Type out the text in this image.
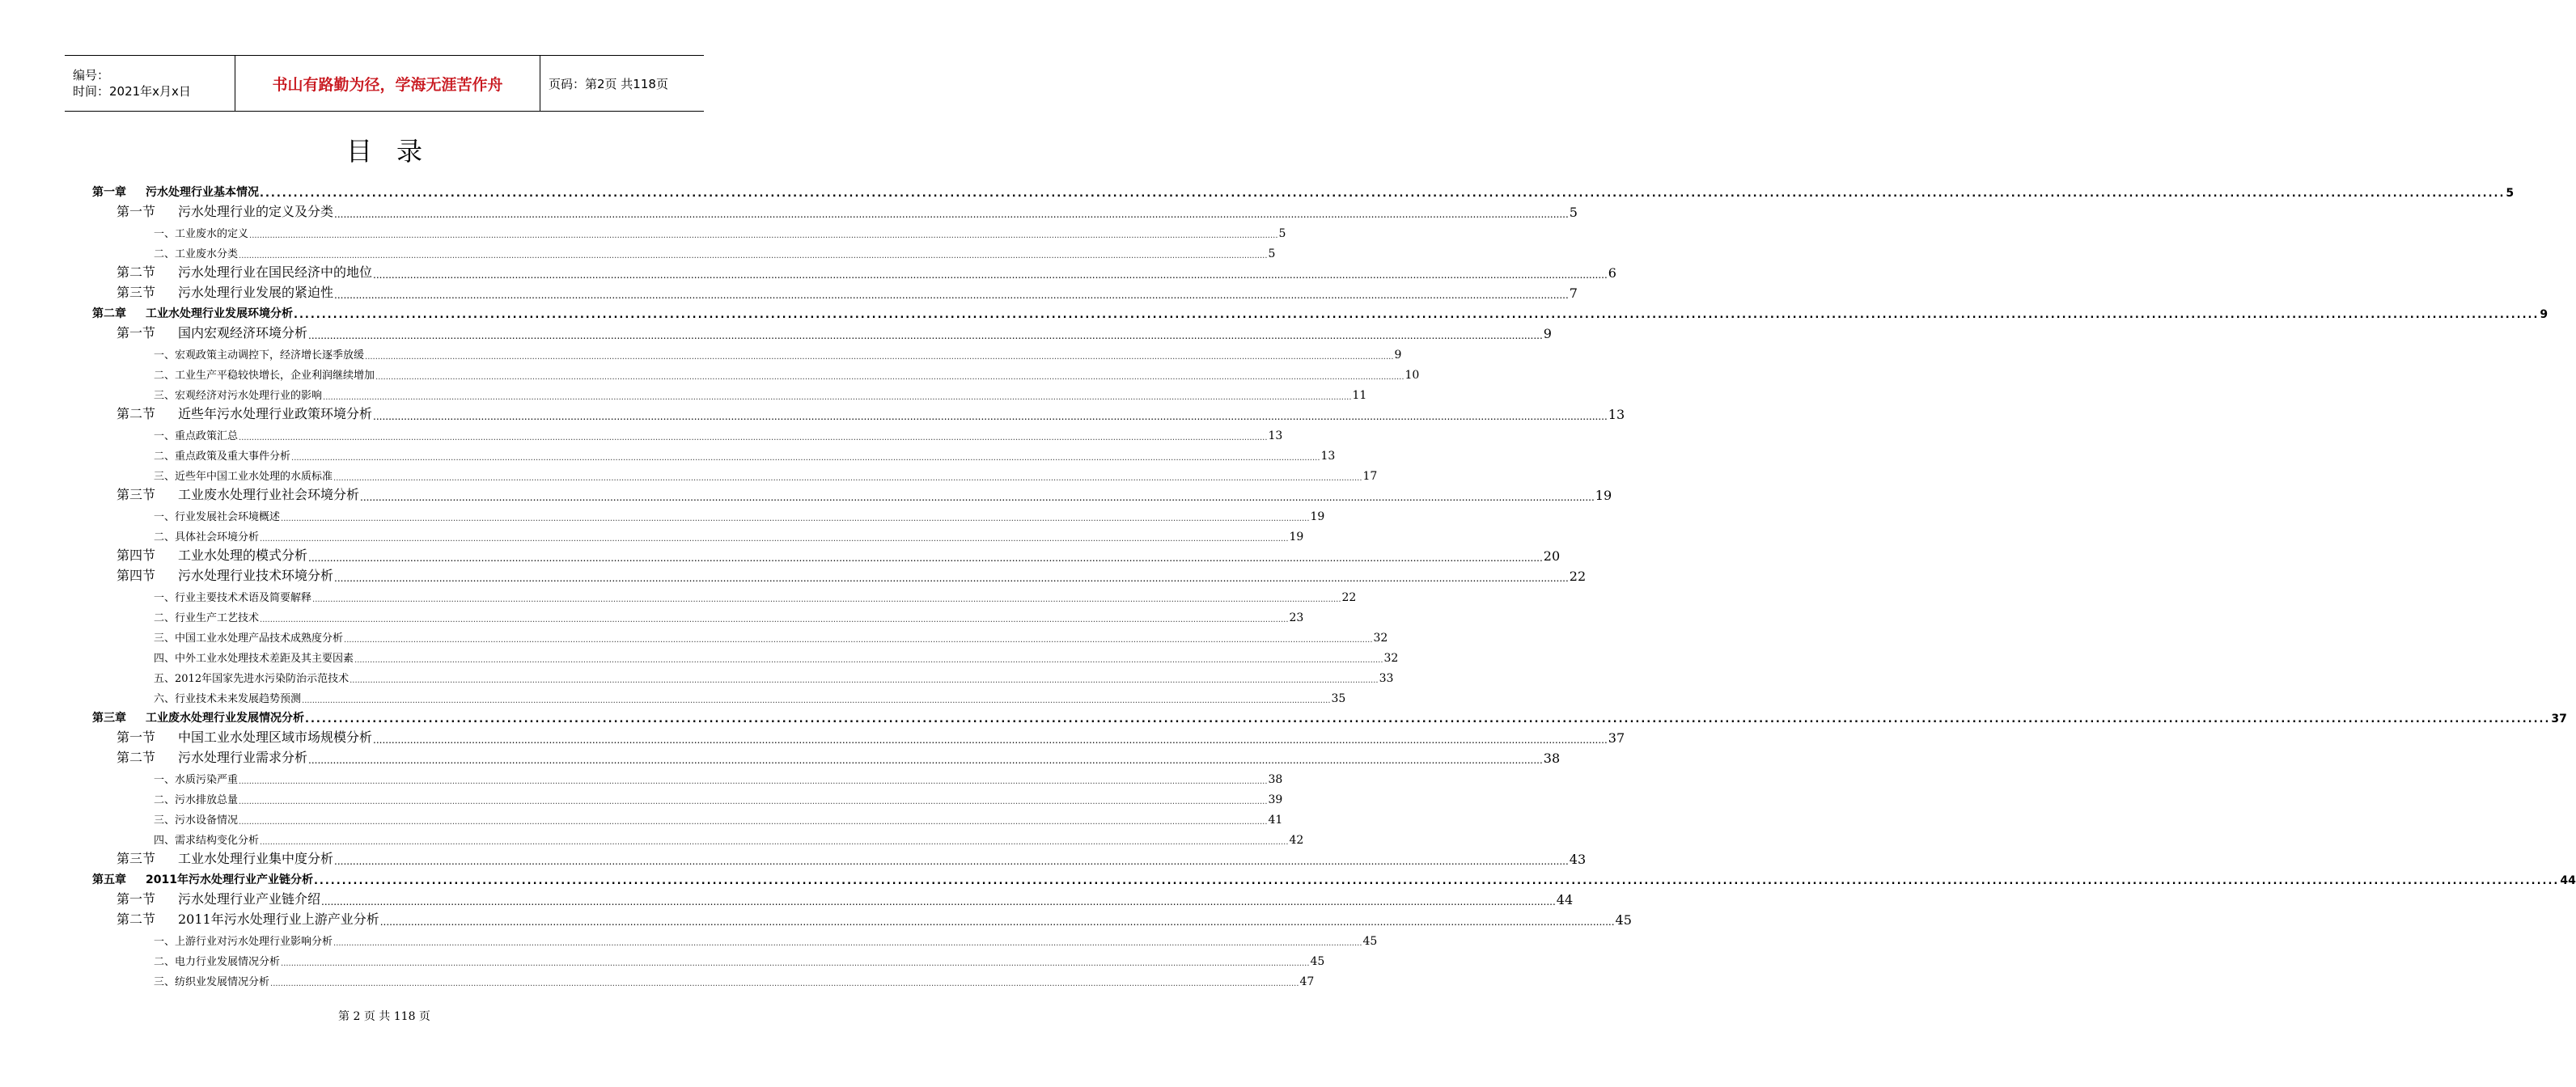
编号：
时间：2021年x月x日	书山有路勤为径，学海无涯苦作舟	页码：第2页 共118页
目录
第一章 污水处理行业基本情况 ................................................................................................................................................................................................................................................................................................................................................................................................................ 5
第一节 污水处理行业的定义及分类 ................................................................................................................................................................................................................................................................................................................................................................................................................ 5
一、工业废水的定义 ................................................................................................................................................................................................................................................................................................................................................................................................................ 5
二、工业废水分类 ................................................................................................................................................................................................................................................................................................................................................................................................................ 5
第二节 污水处理行业在国民经济中的地位 ................................................................................................................................................................................................................................................................................................................................................................................................................ 6
第三节 污水处理行业发展的紧迫性 ................................................................................................................................................................................................................................................................................................................................................................................................................ 7
第二章 工业水处理行业发展环境分析 ................................................................................................................................................................................................................................................................................................................................................................................................................ 9
第一节 国内宏观经济环境分析 ................................................................................................................................................................................................................................................................................................................................................................................................................ 9
一、宏观政策主动调控下，经济增长逐季放缓 ................................................................................................................................................................................................................................................................................................................................................................................................................ 9
二、工业生产平稳较快增长，企业利润继续增加 ................................................................................................................................................................................................................................................................................................................................................................................................................ 10
三、宏观经济对污水处理行业的影响 ................................................................................................................................................................................................................................................................................................................................................................................................................ 11
第二节 近些年污水处理行业政策环境分析 ................................................................................................................................................................................................................................................................................................................................................................................................................ 13
一、重点政策汇总 ................................................................................................................................................................................................................................................................................................................................................................................................................ 13
二、重点政策及重大事件分析 ................................................................................................................................................................................................................................................................................................................................................................................................................ 13
三、近些年中国工业水处理的水质标准 ................................................................................................................................................................................................................................................................................................................................................................................................................ 17
第三节 工业废水处理行业社会环境分析 ................................................................................................................................................................................................................................................................................................................................................................................................................ 19
一、行业发展社会环境概述 ................................................................................................................................................................................................................................................................................................................................................................................................................ 19
二、具体社会环境分析 ................................................................................................................................................................................................................................................................................................................................................................................................................ 19
第四节 工业水处理的模式分析 ................................................................................................................................................................................................................................................................................................................................................................................................................ 20
第四节 污水处理行业技术环境分析 ................................................................................................................................................................................................................................................................................................................................................................................................................ 22
一、行业主要技术术语及简要解释 ................................................................................................................................................................................................................................................................................................................................................................................................................ 22
二、行业生产工艺技术 ................................................................................................................................................................................................................................................................................................................................................................................................................ 23
三、中国工业水处理产品技术成熟度分析 ................................................................................................................................................................................................................................................................................................................................................................................................................ 32
四、中外工业水处理技术差距及其主要因素 ................................................................................................................................................................................................................................................................................................................................................................................................................ 32
五、2012年国家先进水污染防治示范技术 ................................................................................................................................................................................................................................................................................................................................................................................................................ 33
六、行业技术未来发展趋势预测 ................................................................................................................................................................................................................................................................................................................................................................................................................ 35
第三章 工业废水处理行业发展情况分析 ................................................................................................................................................................................................................................................................................................................................................................................................................ 37
第一节 中国工业水处理区域市场规模分析 ................................................................................................................................................................................................................................................................................................................................................................................................................ 37
第二节 污水处理行业需求分析 ................................................................................................................................................................................................................................................................................................................................................................................................................ 38
一、水质污染严重 ................................................................................................................................................................................................................................................................................................................................................................................................................ 38
二、污水排放总量 ................................................................................................................................................................................................................................................................................................................................................................................................................ 39
三、污水设备情况 ................................................................................................................................................................................................................................................................................................................................................................................................................ 41
四、需求结构变化分析 ................................................................................................................................................................................................................................................................................................................................................................................................................ 42
第三节 工业水处理行业集中度分析 ................................................................................................................................................................................................................................................................................................................................................................................................................ 43
第五章 2011年污水处理行业产业链分析 ................................................................................................................................................................................................................................................................................................................................................................................................................ 44
第一节 污水处理行业产业链介绍 ................................................................................................................................................................................................................................................................................................................................................................................................................ 44
第二节 2011年污水处理行业上游产业分析 ................................................................................................................................................................................................................................................................................................................................................................................................................ 45
一、上游行业对污水处理行业影响分析 ................................................................................................................................................................................................................................................................................................................................................................................................................ 45
二、电力行业发展情况分析 ................................................................................................................................................................................................................................................................................................................................................................................................................ 45
三、纺织业发展情况分析 ................................................................................................................................................................................................................................................................................................................................................................................................................ 47
第 2 页 共 118 页
